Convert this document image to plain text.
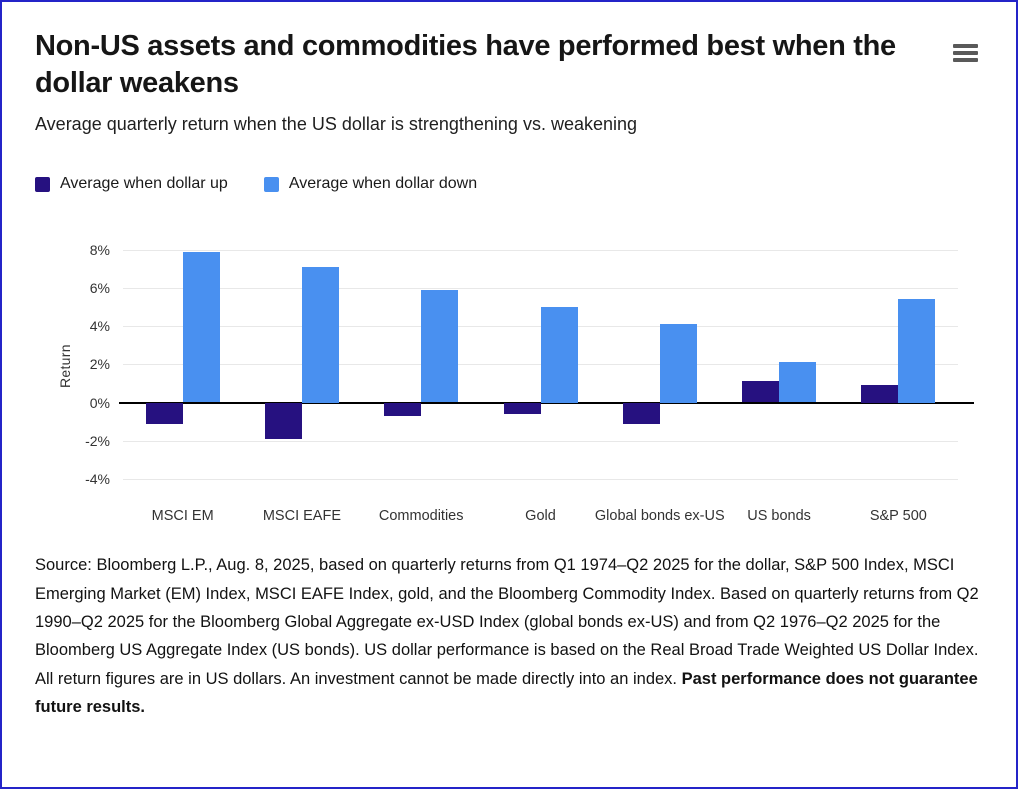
Non-US assets and commodities have performed best when the dollar weakens
Average quarterly return when the US dollar is strengthening vs. weakening
Average when dollar up	Average when dollar down
Return
8%
6%
4%
2%
0%
-2%
-4%
MSCI EM	MSCI EAFE	Commodities	Gold	Global bonds ex-US	US bonds	S&P 500

Source: Bloomberg L.P., Aug. 8, 2025, based on quarterly returns from Q1 1974–Q2 2025 for the dollar, S&P 500 Index, MSCI Emerging Market (EM) Index, MSCI EAFE Index, gold, and the Bloomberg Commodity Index. Based on quarterly returns from Q2 1990–Q2 2025 for the Bloomberg Global Aggregate ex-USD Index (global bonds ex-US) and from Q2 1976–Q2 2025 for the Bloomberg US Aggregate Index (US bonds). US dollar performance is based on the Real Broad Trade Weighted US Dollar Index. All return figures are in US dollars. An investment cannot be made directly into an index. Past performance does not guarantee future results.
